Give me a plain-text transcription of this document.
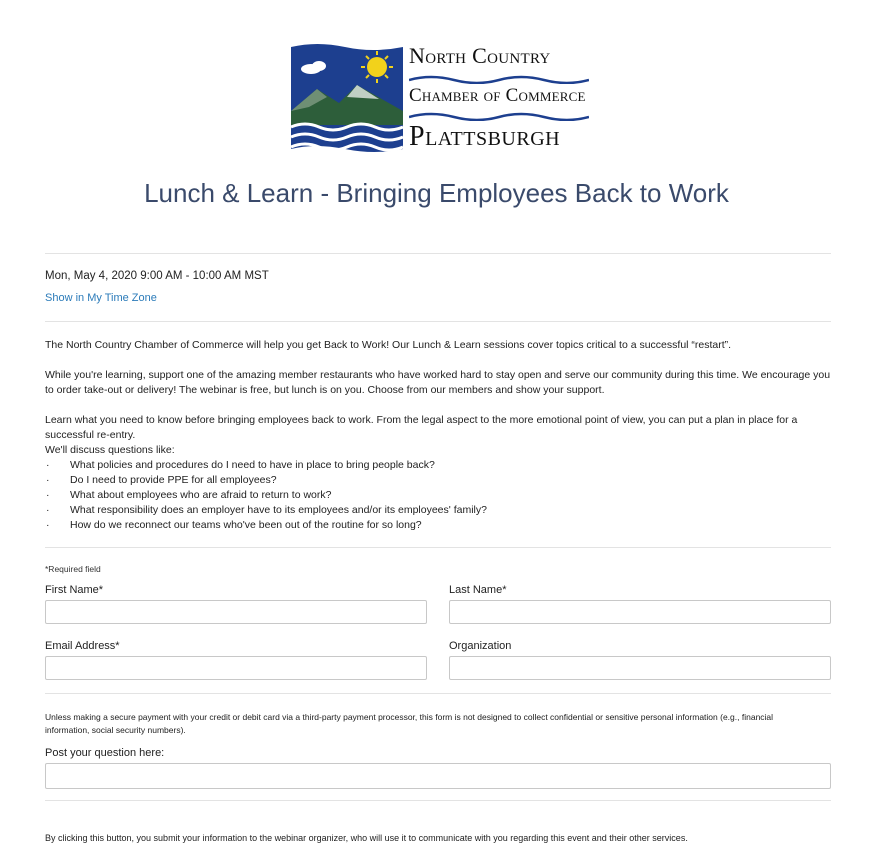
North Country
Chamber of Commerce
Plattsburgh
Lunch & Learn - Bringing Employees Back to Work
Mon, May 4, 2020 9:00 AM - 10:00 AM MST
Show in My Time Zone

The North Country Chamber of Commerce will help you get Back to Work! Our Lunch & Learn sessions cover topics critical to a successful “restart”.

While you're learning, support one of the amazing member restaurants who have worked hard to stay open and serve our community during this time. We encourage you to order take-out or delivery! The webinar is free, but lunch is on you. Choose from our members and show your support.

Learn what you need to know before bringing employees back to work. From the legal aspect to the more emotional point of view, you can put a plan in place for a successful re-entry.

We'll discuss questions like:

· What policies and procedures do I need to have in place to bring people back?
· Do I need to provide PPE for all employees?
· What about employees who are afraid to return to work?
· What responsibility does an employer have to its employees and/or its employees' family?
· How do we reconnect our teams who've been out of the routine for so long?
*Required field
First Name*	Last Name*
Email Address*	Organization
Unless making a secure payment with your credit or debit card via a third-party payment processor, this form is not designed to collect confidential or sensitive personal information (e.g., financial information, social security numbers).
Post your question here:
By clicking this button, you submit your information to the webinar organizer, who will use it to communicate with you regarding this event and their other services.
